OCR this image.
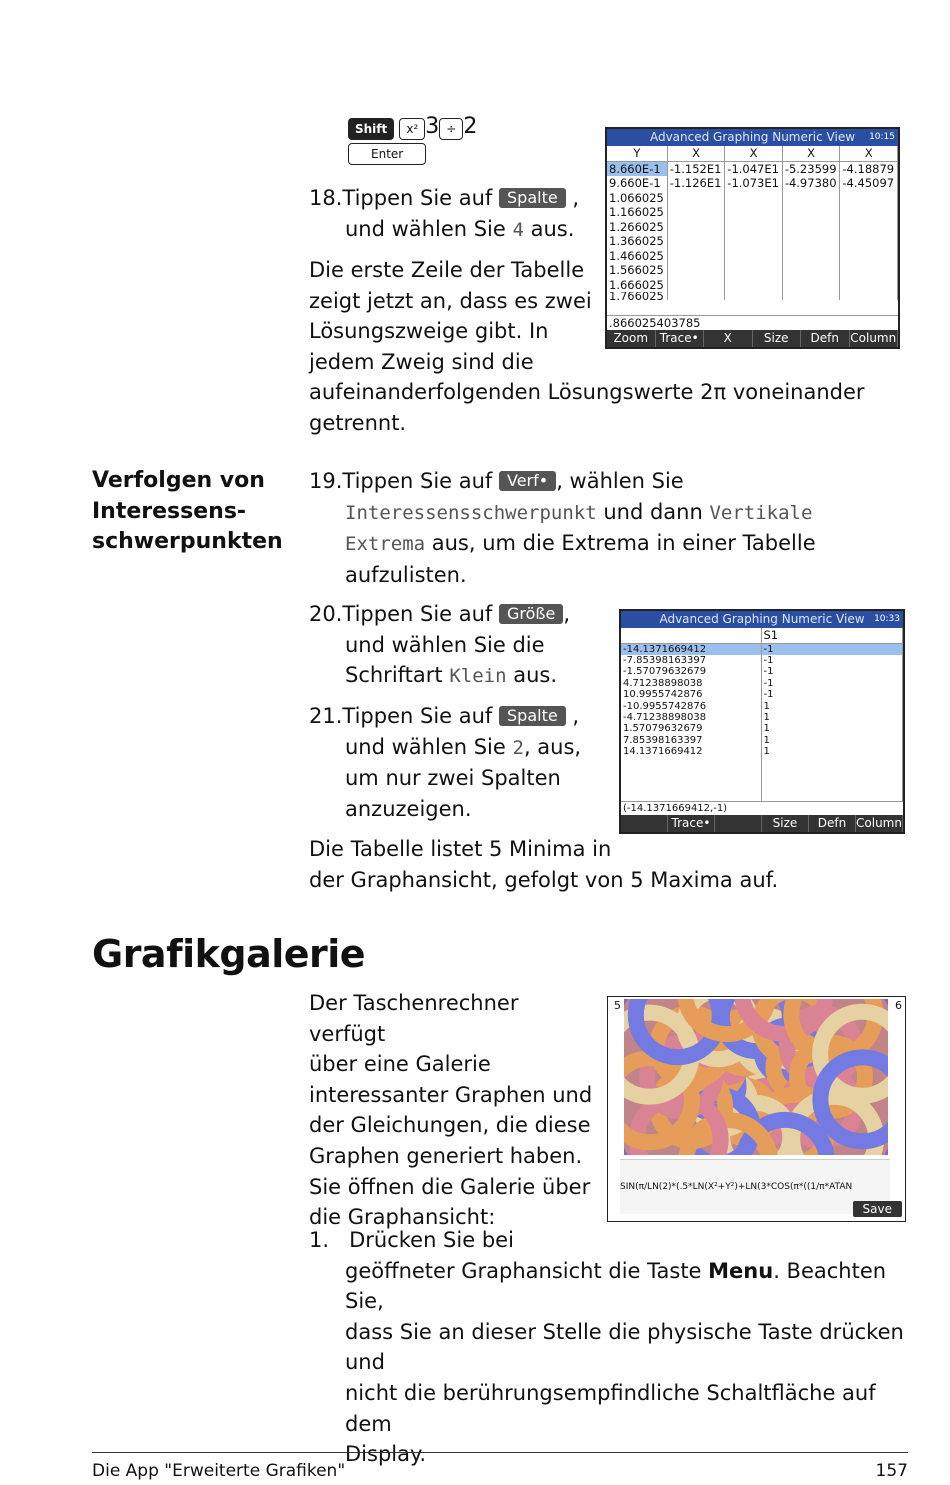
Shift x² 3 ÷ 2
Enter
18.Tippen Sie auf Spalte ,
und wählen Sie 4 aus.
Die erste Zeile der Tabelle
zeigt jetzt an, dass es zwei
Lösungszweige gibt. In
jedem Zweig sind die
aufeinanderfolgenden Lösungswerte 2π voneinander
getrennt.
Advanced Graphing Numeric View 10:15
Y	X	X	X	X
8.660E-1	-1.152E1	-1.047E1	-5.23599	-4.18879
9.660E-1	-1.126E1	-1.073E1	-4.97380	-4.45097
1.066025				
1.166025				
1.266025				
1.366025				
1.466025				
1.566025				
1.666025				
1.766025				
.866025403785
Zoom Trace•	X	Size	Defn Column
Verfolgen von
Interessens-
schwerpunkten
19.Tippen Sie auf Verf• , wählen Sie
Interessensschwerpunkt und dann Vertikale
Extrema aus, um die Extrema in einer Tabelle
aufzulisten.
20.Tippen Sie auf Größe ,
und wählen Sie die
Schriftart Klein aus.
21.Tippen Sie auf Spalte ,
und wählen Sie 2, aus,
um nur zwei Spalten
anzuzeigen.
Advanced Graphing Numeric View 10:33
	S1
-14.1371669412	-1
-7.85398163397	-1
-1.57079632679	-1
4.71238898038	-1
10.9955742876	-1
-10.9955742876	1
-4.71238898038	1
1.57079632679	1
7.85398163397	1
14.1371669412	1

(-14.1371669412,-1)
Trace•	Size	Defn Column
Die Tabelle listet 5 Minima in
der Graphansicht, gefolgt von 5 Maxima auf.
Grafikgalerie
Der Taschenrechner verfügt
über eine Galerie
interessanter Graphen und
der Gleichungen, die diese
Graphen generiert haben.
Sie öffnen die Galerie über
die Graphansicht:
5	6
SIN(π/LN(2)*(.5*LN(X²+Y²)+LN(3*COS(π*((1/π*ATAN
Save
1. Drücken Sie bei
geöffneter Graphansicht die Taste Menu. Beachten Sie,
dass Sie an dieser Stelle die physische Taste drücken und
nicht die berührungsempfindliche Schaltfläche auf dem
Display.
Die App "Erweiterte Grafiken"	157
